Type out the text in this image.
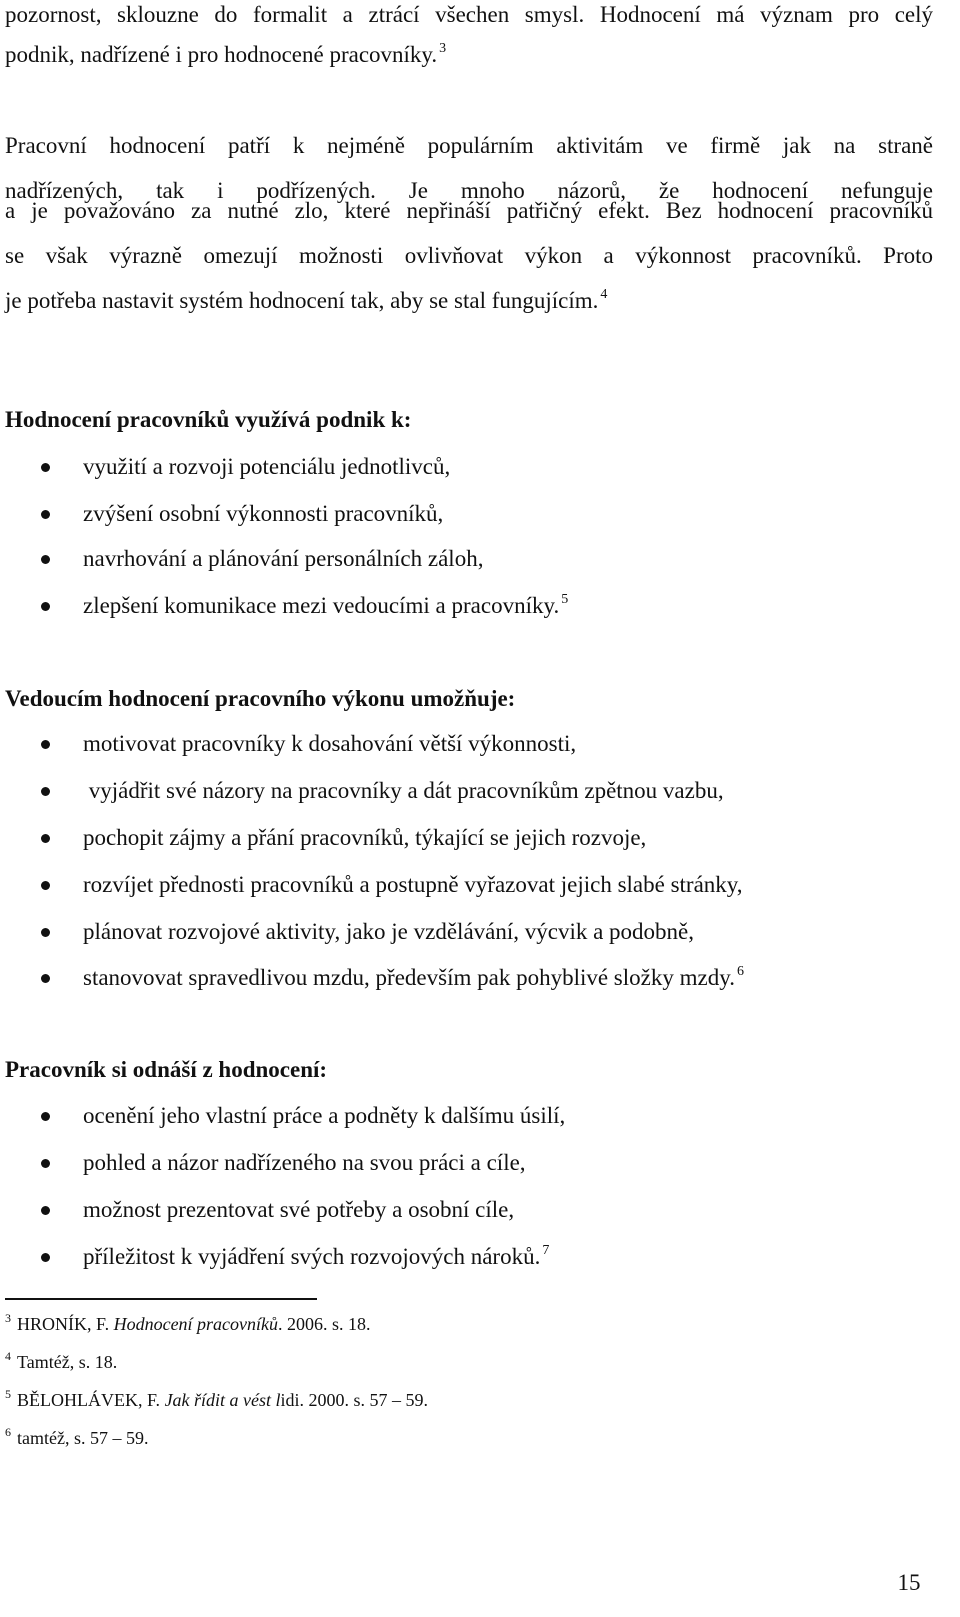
pozornost, sklouzne do formalit a ztrácí všechen smysl. Hodnocení má význam pro celý
podnik, nadřízené i pro hodnocené pracovníky. $^3$
Pracovní hodnocení patří k nejméně populárním aktivitám ve firmě jak na straně
nadřízených, tak i podřízených. Je mnoho názorů, že hodnocení nefunguje
a je považováno za nutné zlo, které nepřináší patřičný efekt. Bez hodnocení pracovníků
se však výrazně omezují možnosti ovlivňovat výkon a výkonnost pracovníků. Proto
je potřeba nastavit systém hodnocení tak, aby se stal fungujícím. $^4$
Hodnocení pracovníků využívá podnik k:
využití a rozvoji potenciálu jednotlivců,
zvýšení osobní výkonnosti pracovníků,
navrhování a plánování personálních záloh,
zlepšení komunikace mezi vedoucími a pracovníky. $^5$
Vedoucím hodnocení pracovního výkonu umožňuje:
motivovat pracovníky k dosahování větší výkonnosti,
vyjádřit své názory na pracovníky a dát pracovníkům zpětnou vazbu,
pochopit zájmy a přání pracovníků, týkající se jejich rozvoje,
rozvíjet přednosti pracovníků a postupně vyřazovat jejich slabé stránky,
plánovat rozvojové aktivity, jako je vzdělávání, výcvik a podobně,
stanovovat spravedlivou mzdu, především pak pohyblivé složky mzdy. $^6$
Pracovník si odnáší z hodnocení:
ocenění jeho vlastní práce a podněty k dalšímu úsilí,
pohled a názor nadřízeného na svou práci a cíle,
možnost prezentovat své potřeby a osobní cíle,
příležitost k vyjádření svých rozvojových nároků. $^7$
$^3$ HRONÍK, F. Hodnocení pracovníků. 2006. s. 18.
$^4$ Tamtéž, s. 18.
$^5$ BĚLOHLÁVEK, F. Jak řídit a vést lidi. 2000. s. 57 – 59.
$^6$ tamtéž, s. 57 – 59.
15
